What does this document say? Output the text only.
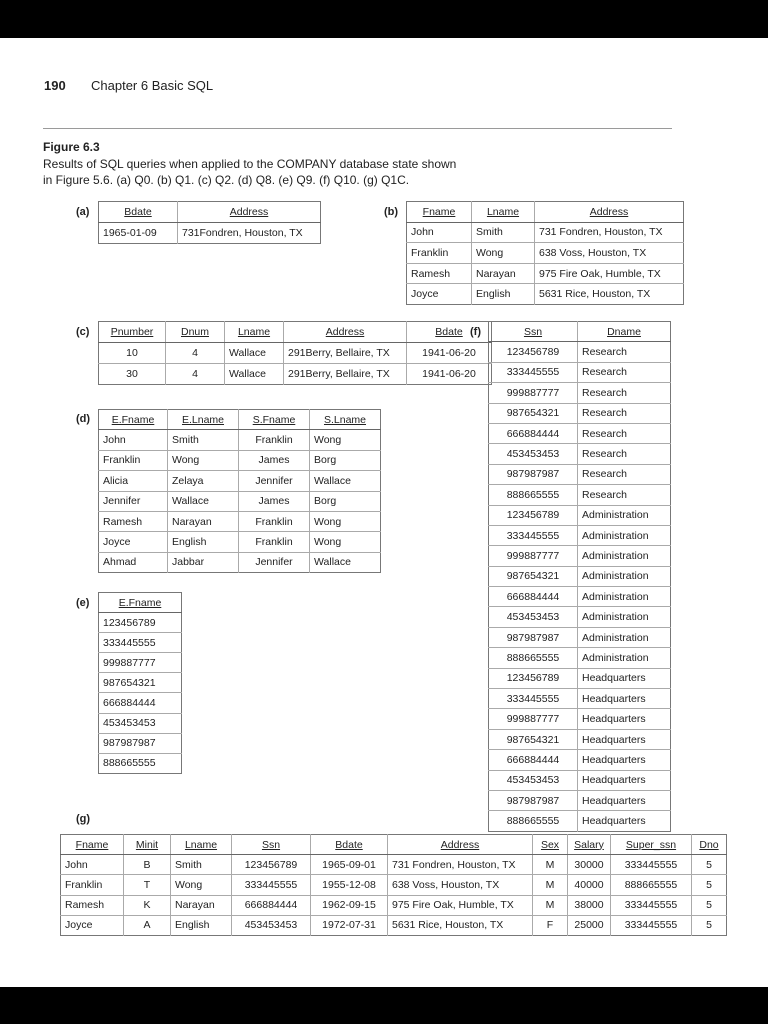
190 Chapter 6 Basic SQL
Figure 6.3
Results of SQL queries when applied to the COMPANY database state shown
in Figure 5.6. (a) Q0. (b) Q1. (c) Q2. (d) Q8. (e) Q9. (f) Q10. (g) Q1C.
(a)	Bdate	Address
1965-01-09	731Fondren, Houston, TX
(b) Fname	Lname	Address
John	Smith	731 Fondren, Houston, TX
Franklin	Wong	638 Voss, Houston, TX
Ramesh	Narayan	975 Fire Oak, Humble, TX
Joyce	English	5631 Rice, Houston, TX
(c) Pnumber	Dnum	Lname	Address	Bdate
10	4	Wallace	291Berry, Bellaire, TX	1941-06-20
30	4	Wallace	291Berry, Bellaire, TX	1941-06-20
(f)	Ssn	Dname
123456789	Research
333445555	Research
999887777	Research
987654321	Research
666884444	Research
453453453	Research
987987987	Research
888665555	Research
123456789	Administration
333445555	Administration
999887777	Administration
987654321	Administration
666884444	Administration
453453453	Administration
987987987	Administration
888665555	Administration
123456789	Headquarters
333445555	Headquarters
999887777	Headquarters
987654321	Headquarters
666884444	Headquarters
453453453	Headquarters
987987987	Headquarters
888665555	Headquarters
(d) E.Fname	E.Lname	S.Fname	S.Lname
John	Smith	Franklin	Wong
Franklin	Wong	James	Borg
Alicia	Zelaya	Jennifer	Wallace
Jennifer	Wallace	James	Borg
Ramesh	Narayan	Franklin	Wong
Joyce	English	Franklin	Wong
Ahmad	Jabbar	Jennifer	Wallace
(e)	E.Fname
123456789
333445555
999887777
987654321
666884444
453453453
987987987
888665555
(g)
Fname	Minit	Lname	Ssn	Bdate	Address	Sex	Salary	Super_ssn	Dno
John	B	Smith	123456789	1965-09-01	731 Fondren, Houston, TX	M	30000	333445555	5
Franklin	T	Wong	333445555	1955-12-08	638 Voss, Houston, TX	M	40000	888665555	5
Ramesh	K	Narayan	666884444	1962-09-15	975 Fire Oak, Humble, TX	M	38000	333445555	5
Joyce	A	English	453453453	1972-07-31	5631 Rice, Houston, TX	F	25000	333445555	5
